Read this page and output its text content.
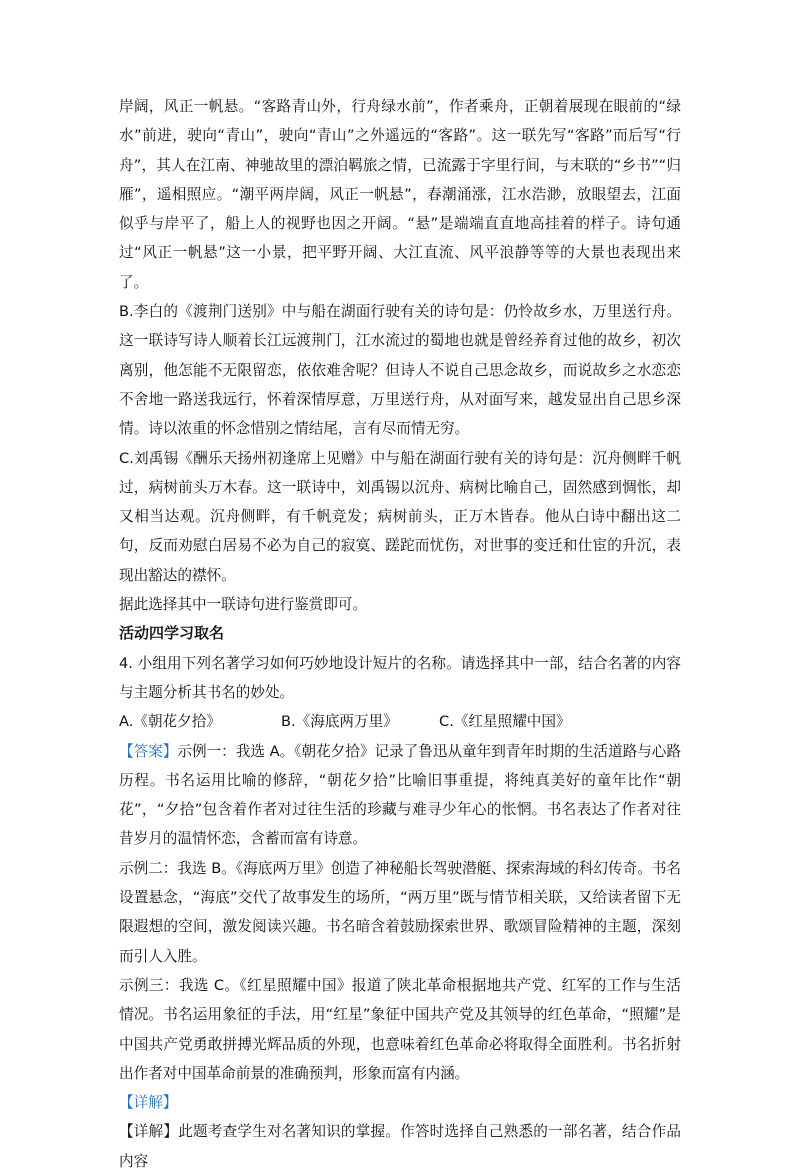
岸阔，风正一帆悬。“客路青山外，行舟绿水前”，作者乘舟，正朝着展现在眼前的“绿水”前进，驶向“青山”，驶向“青山”之外遥远的“客路”。这一联先写“客路”而后写“行舟”，其人在江南、神驰故里的漂泊羁旅之情，已流露于字里行间，与末联的“乡书”“归雁”，遥相照应。“潮平两岸阔，风正一帆悬”，春潮涌涨，江水浩渺，放眼望去，江面似乎与岸平了，船上人的视野也因之开阔。“悬”是端端直直地高挂着的样子。诗句通过“风正一帆悬”这一小景，把平野开阔、大江直流、风平浪静等等的大景也表现出来了。

B.李白的《渡荆门送别》中与船在湖面行驶有关的诗句是：仍怜故乡水，万里送行舟。这一联诗写诗人顺着长江远渡荆门，江水流过的蜀地也就是曾经养育过他的故乡，初次离别，他怎能不无限留恋，依依难舍呢？但诗人不说自己思念故乡，而说故乡之水恋恋不舍地一路送我远行，怀着深情厚意，万里送行舟，从对面写来，越发显出自己思乡深情。诗以浓重的怀念惜别之情结尾，言有尽而情无穷。

C.刘禹锡《酬乐天扬州初逢席上见赠》中与船在湖面行驶有关的诗句是：沉舟侧畔千帆过，病树前头万木春。这一联诗中，刘禹锡以沉舟、病树比喻自己，固然感到惆怅，却又相当达观。沉舟侧畔，有千帆竞发；病树前头，正万木皆春。他从白诗中翻出这二句，反而劝慰白居易不必为自己的寂寞、蹉跎而忧伤，对世事的变迁和仕宦的升沉，表现出豁达的襟怀。

据此选择其中一联诗句进行鉴赏即可。

活动四学习取名

4. 小组用下列名著学习如何巧妙地设计短片的名称。请选择其中一部，结合名著的内容与主题分析其书名的妙处。

A.《朝花夕拾》	B.《海底两万里》	C.《红星照耀中国》

【答案】示例一：我选 A。《朝花夕拾》记录了鲁迅从童年到青年时期的生活道路与心路历程。书名运用比喻的修辞，“朝花夕拾”比喻旧事重提，将纯真美好的童年比作“朝花”，“夕拾”包含着作者对过往生活的珍藏与难寻少年心的怅惘。书名表达了作者对往昔岁月的温情怀恋，含蓄而富有诗意。

示例二：我选 B。《海底两万里》创造了神秘船长驾驶潜艇、探索海域的科幻传奇。书名设置悬念，“海底”交代了故事发生的场所，“两万里”既与情节相关联，又给读者留下无限遐想的空间，激发阅读兴趣。书名暗含着鼓励探索世界、歌颂冒险精神的主题，深刻而引人入胜。

示例三：我选 C。《红星照耀中国》报道了陕北革命根据地共产党、红军的工作与生活情况。书名运用象征的手法，用“红星”象征中国共产党及其领导的红色革命，“照耀”是中国共产党勇敢拼搏光辉品质的外现，也意味着红色革命必将取得全面胜利。书名折射出作者对中国革命前景的准确预判，形象而富有内涵。

【详解】

【详解】此题考查学生对名著知识的掌握。作答时选择自己熟悉的一部名著，结合作品内容
